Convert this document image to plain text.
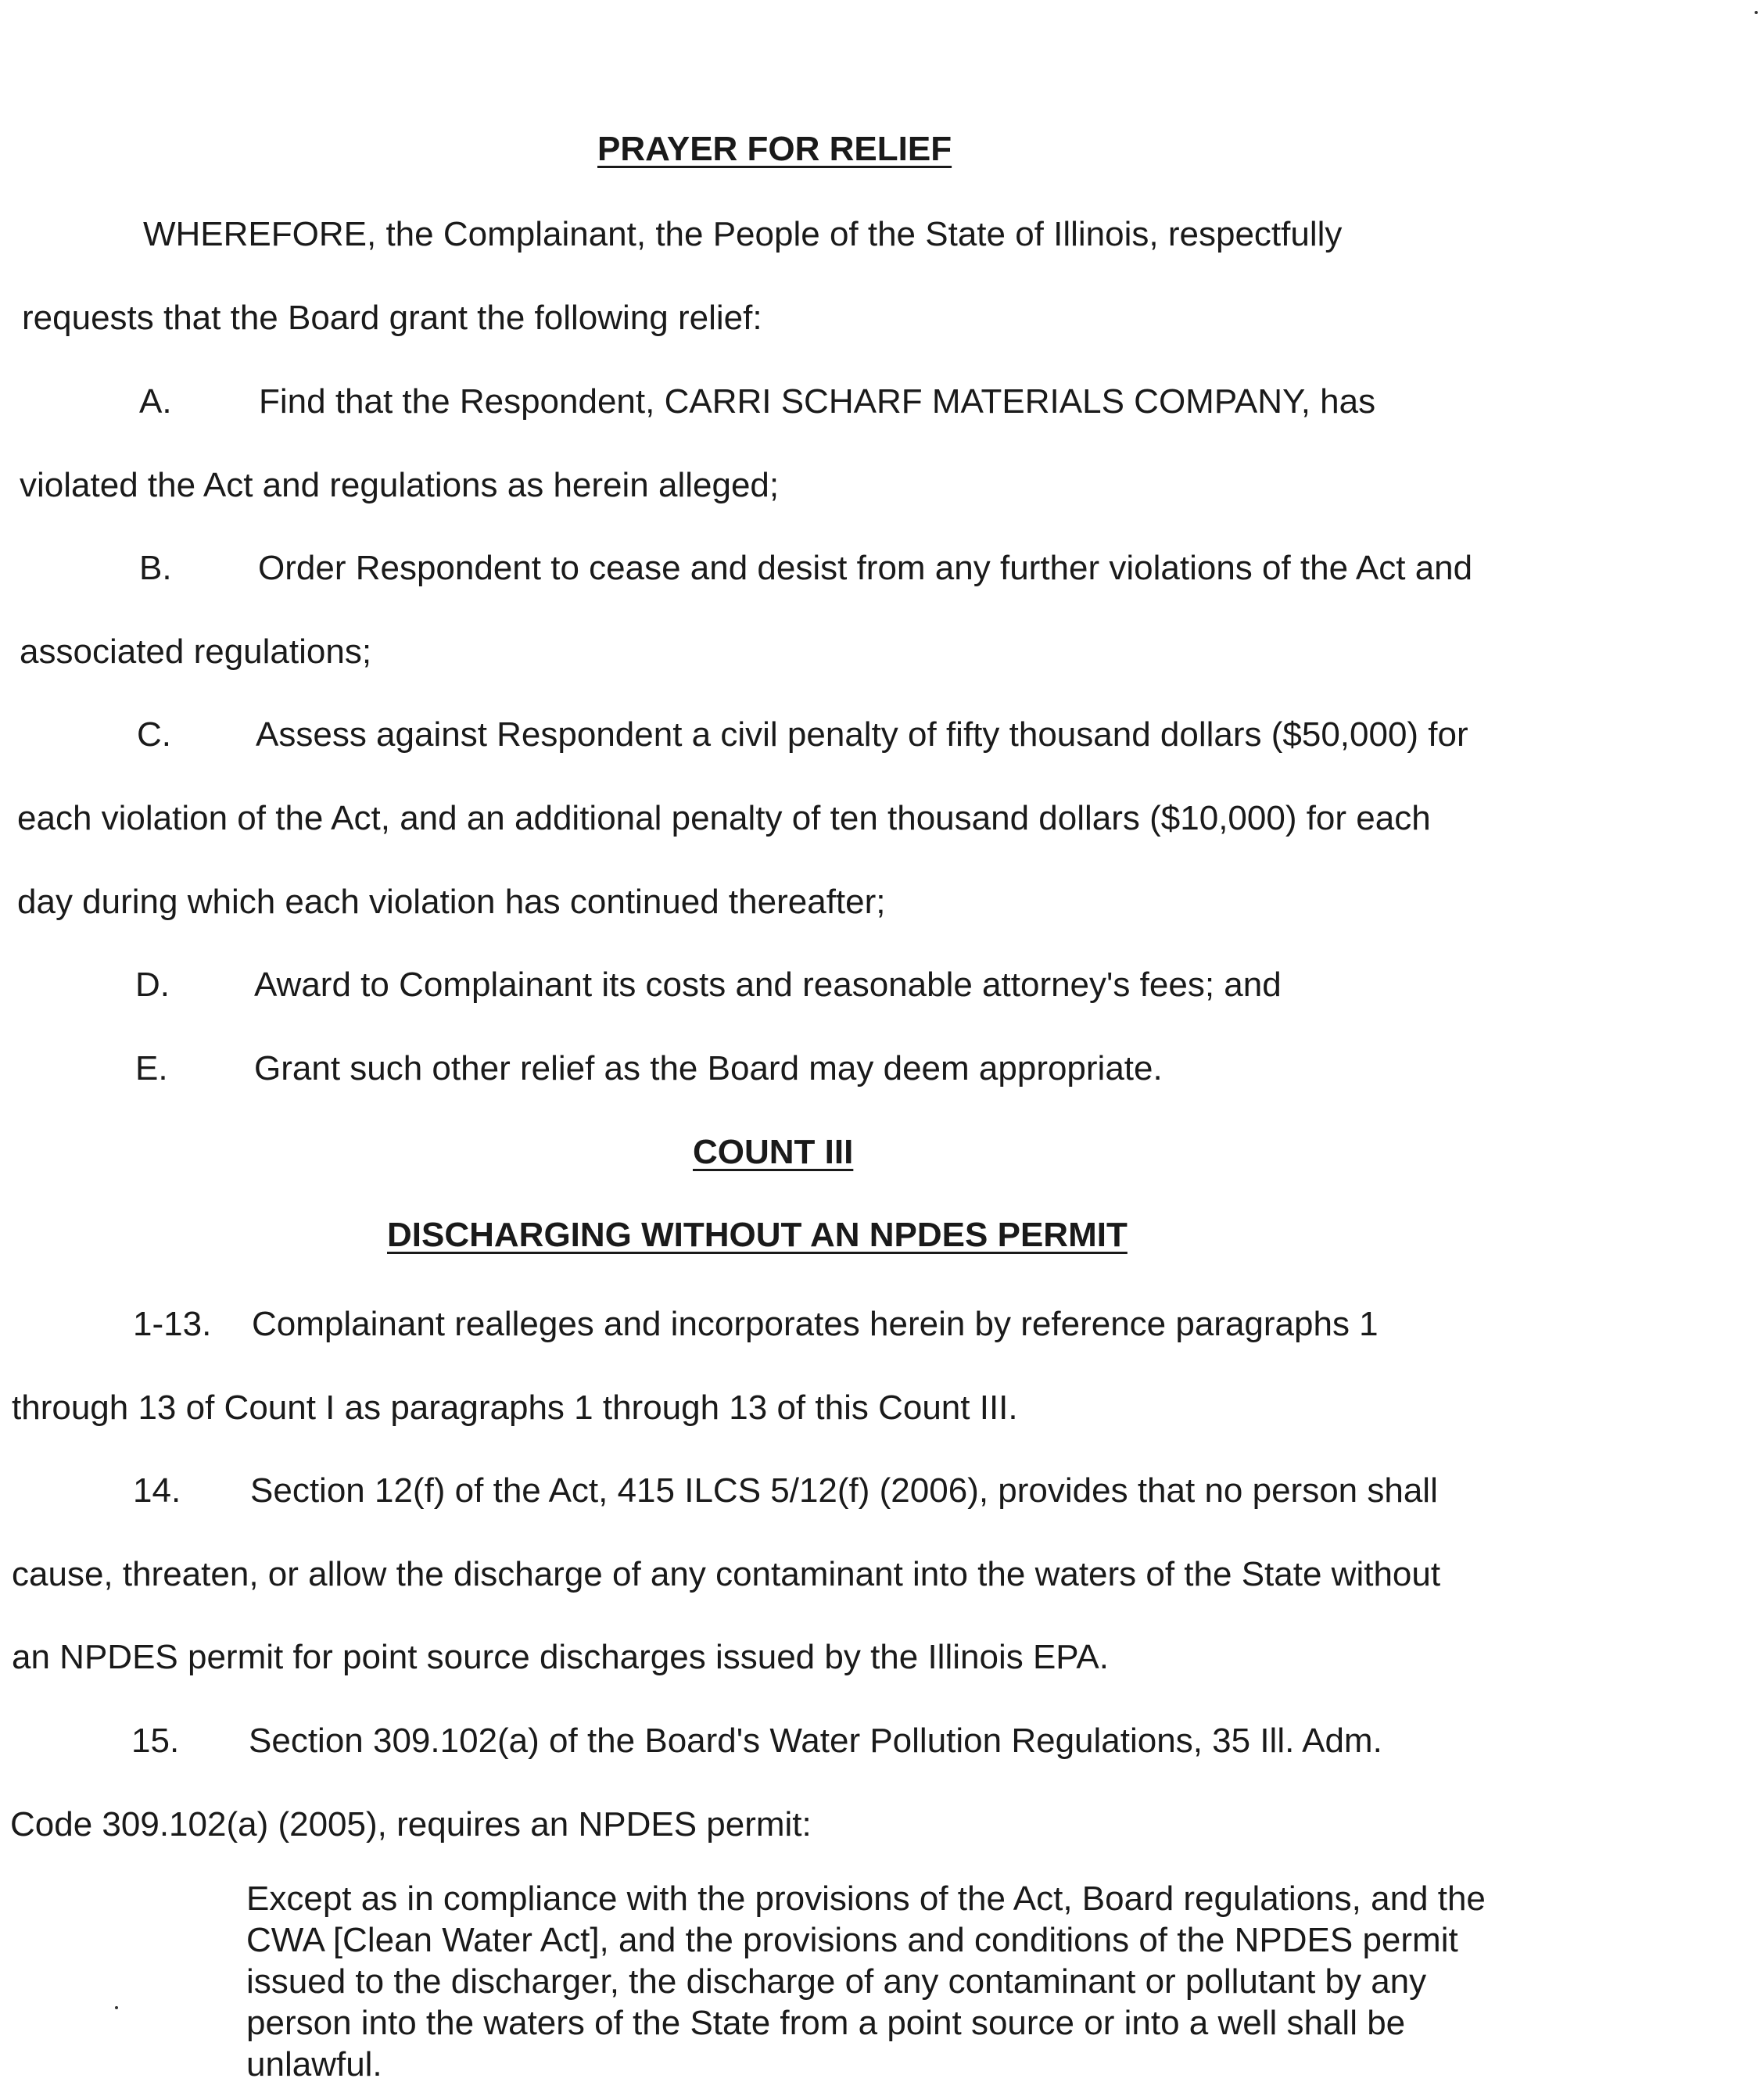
PRAYER FOR RELIEF
WHEREFORE, the Complainant, the People of the State of Illinois, respectfully
requests that the Board grant the following relief:
A.	Find that the Respondent, CARRI SCHARF MATERIALS COMPANY, has
violated the Act and regulations as herein alleged;
B.	Order Respondent to cease and desist from any further violations of the Act and
associated regulations;
C. Assess against Respondent a civil penalty of fifty thousand dollars ($50,000) for
each violation of the Act, and an additional penalty of ten thousand dollars ($10,000) for each
day during which each violation has continued thereafter;
D. Award to Complainant its costs and reasonable attorney's fees; and
E.	Grant such other relief as the Board may deem appropriate.
COUNT III
DISCHARGING WITHOUT AN NPDES PERMIT
1-13. Complainant realleges and incorporates herein by reference paragraphs 1
through 13 of Count I as paragraphs 1 through 13 of this Count III.
14. Section 12(f) of the Act, 415 ILCS 5/12(f) (2006), provides that no person shall
cause, threaten, or allow the discharge of any contaminant into the waters of the State without
an NPDES permit for point source discharges issued by the Illinois EPA.
15. Section 309.102(a) of the Board's Water Pollution Regulations, 35 Ill. Adm.
Code 309.102(a) (2005), requires an NPDES permit:
Except as in compliance with the provisions of the Act, Board regulations, and the CWA [Clean Water Act], and the provisions and conditions of the NPDES permit issued to the discharger, the discharge of any contaminant or pollutant by any person into the waters of the State from a point source or into a well shall be unlawful.
